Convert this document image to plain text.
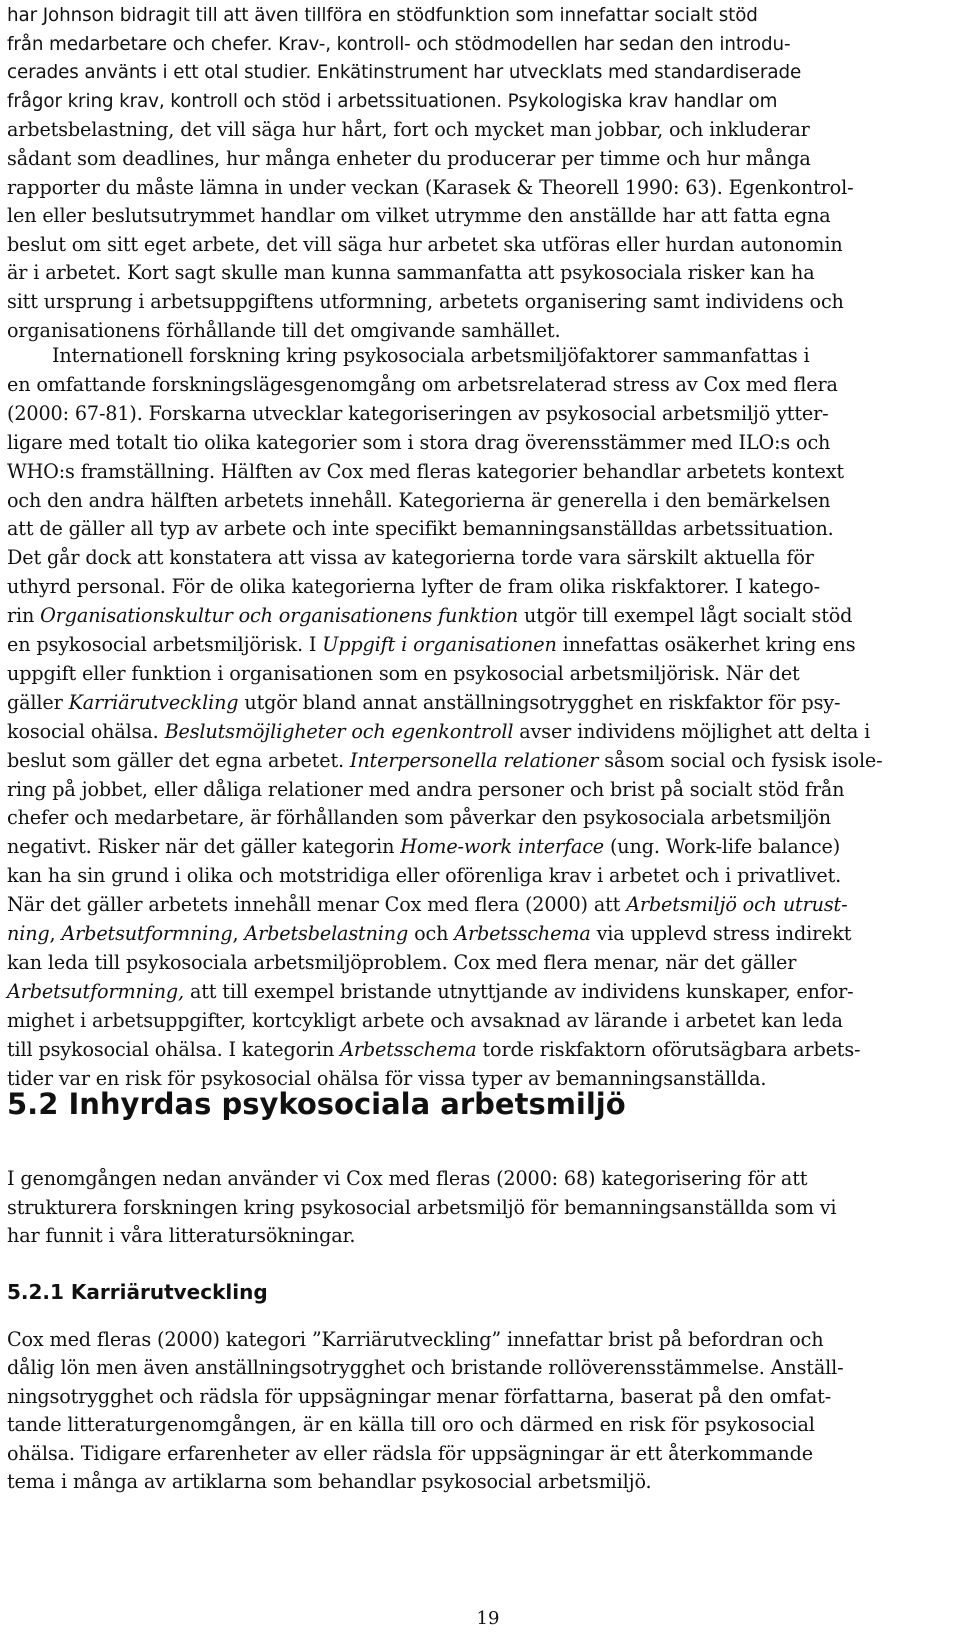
har Johnson bidragit till att även tillföra en stödfunktion som innefattar socialt stöd
från medarbetare och chefer. Krav-, kontroll- och stödmodellen har sedan den introdu-
cerades använts i ett otal studier. Enkätinstrument har utvecklats med standardiserade
frågor kring krav, kontroll och stöd i arbetssituationen. Psykologiska krav handlar om
arbetsbelastning, det vill säga hur hårt, fort och mycket man jobbar, och inkluderar
sådant som deadlines, hur många enheter du producerar per timme och hur många
rapporter du måste lämna in under veckan (Karasek & Theorell 1990: 63). Egenkontrol-
len eller beslutsutrymmet handlar om vilket utrymme den anställde har att fatta egna
beslut om sitt eget arbete, det vill säga hur arbetet ska utföras eller hurdan autonomin
är i arbetet. Kort sagt skulle man kunna sammanfatta att psykosociala risker kan ha
sitt ursprung i arbetsuppgiftens utformning, arbetets organisering samt individens och
organisationens förhållande till det omgivande samhället.
Internationell forskning kring psykosociala arbetsmiljöfaktorer sammanfattas i
en omfattande forskningslägesgenomgång om arbetsrelaterad stress av Cox med flera
(2000: 67-81). Forskarna utvecklar kategoriseringen av psykosocial arbetsmiljö ytter-
ligare med totalt tio olika kategorier som i stora drag överensstämmer med ILO:s och
WHO:s framställning. Hälften av Cox med fleras kategorier behandlar arbetets kontext
och den andra hälften arbetets innehåll. Kategorierna är generella i den bemärkelsen
att de gäller all typ av arbete och inte specifikt bemanningsanställdas arbetssituation.
Det går dock att konstatera att vissa av kategorierna torde vara särskilt aktuella för
uthyrd personal. För de olika kategorierna lyfter de fram olika riskfaktorer. I katego-
rin Organisationskultur och organisationens funktion utgör till exempel lågt socialt stöd
en psykosocial arbetsmiljörisk. I Uppgift i organisationen innefattas osäkerhet kring ens
uppgift eller funktion i organisationen som en psykosocial arbetsmiljörisk. När det
gäller Karriärutveckling utgör bland annat anställningsotrygghet en riskfaktor för psy-
kosocial ohälsa. Beslutsmöjligheter och egenkontroll avser individens möjlighet att delta i
beslut som gäller det egna arbetet. Interpersonella relationer såsom social och fysisk isole-
ring på jobbet, eller dåliga relationer med andra personer och brist på socialt stöd från
chefer och medarbetare, är förhållanden som påverkar den psykosociala arbetsmiljön
negativt. Risker när det gäller kategorin Home-work interface (ung. Work-life balance)
kan ha sin grund i olika och motstridiga eller oförenliga krav i arbetet och i privatlivet.
När det gäller arbetets innehåll menar Cox med flera (2000) att Arbetsmiljö och utrust-
ning, Arbetsutformning, Arbetsbelastning och Arbetsschema via upplevd stress indirekt
kan leda till psykosociala arbetsmiljöproblem. Cox med flera menar, när det gäller
Arbetsutformning, att till exempel bristande utnyttjande av individens kunskaper, enfor-
mighet i arbetsuppgifter, kortcykligt arbete och avsaknad av lärande i arbetet kan leda
till psykosocial ohälsa. I kategorin Arbetsschema torde riskfaktorn oförutsägbara arbets-
tider var en risk för psykosocial ohälsa för vissa typer av bemanningsanställda.
5.2 Inhyrdas psykosociala arbetsmiljö
I genomgången nedan använder vi Cox med fleras (2000: 68) kategorisering för att
strukturera forskningen kring psykosocial arbetsmiljö för bemanningsanställda som vi
har funnit i våra litteratursökningar.
5.2.1 Karriärutveckling
Cox med fleras (2000) kategori ”Karriärutveckling” innefattar brist på befordran och
dålig lön men även anställningsotrygghet och bristande rollöverensstämmelse. Anställ-
ningsotrygghet och rädsla för uppsägningar menar författarna, baserat på den omfat-
tande litteraturgenomgången, är en källa till oro och därmed en risk för psykosocial
ohälsa. Tidigare erfarenheter av eller rädsla för uppsägningar är ett återkommande
tema i många av artiklarna som behandlar psykosocial arbetsmiljö.
19
